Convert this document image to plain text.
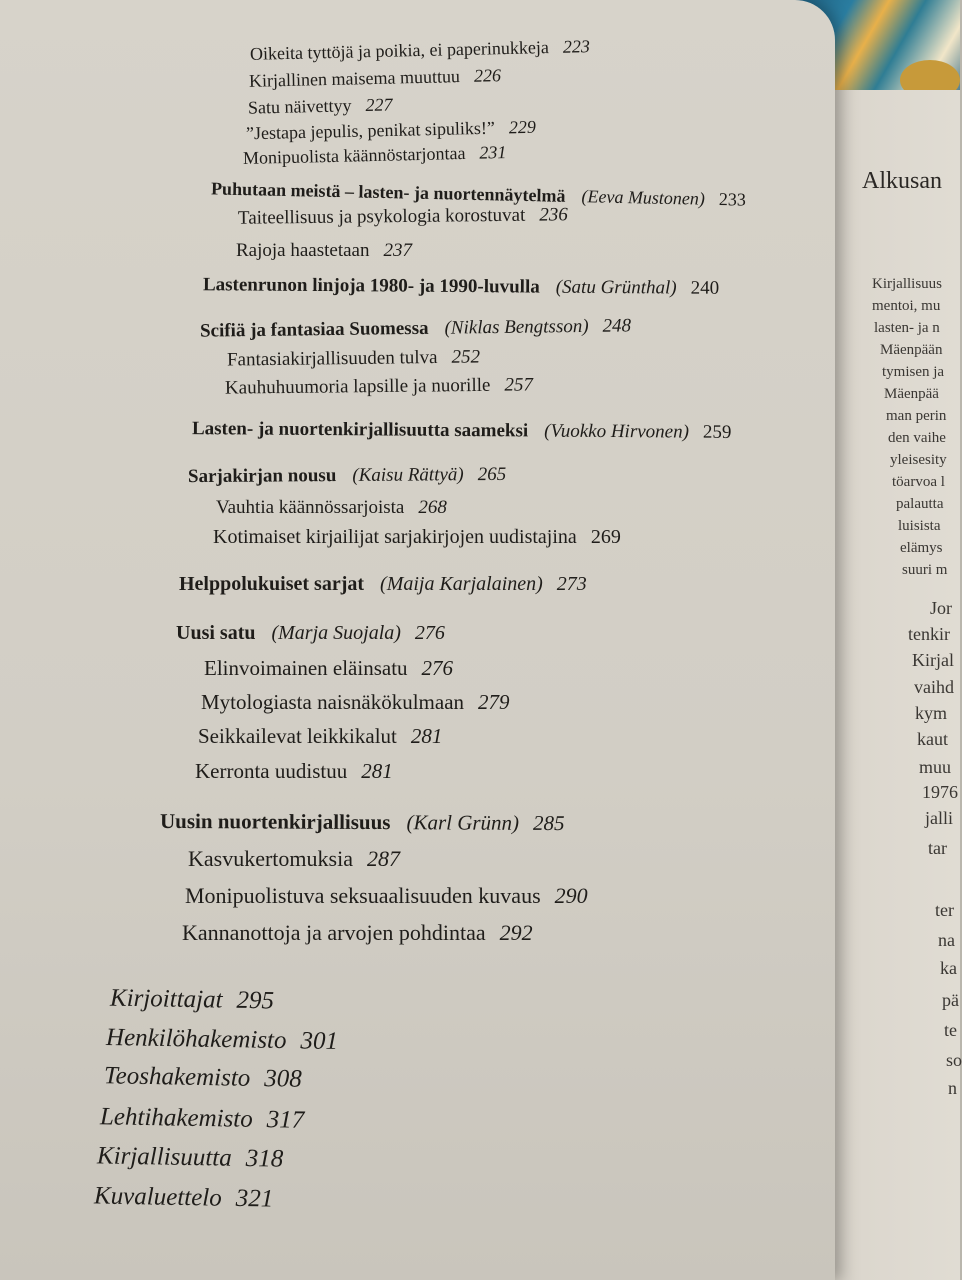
Alkusan
Kirjallisuus
mentoi, mu
lasten- ja n
Mäenpään
tymisen ja
Mäenpää
man perin
den vaihe
yleisesity
töarvoa l
palautta
luisista
elämys
suuri m
Jor
tenkir
Kirjal
vaihd
kym
kaut
muu
1976
jalli
tar
ter
na
ka
pä
te
so
n
Oikeita tyttöjä ja poikia, ei paperinukkeja 223
Kirjallinen maisema muuttuu 226
Satu näivettyy 227
”Jestapa jepulis, penikat sipuliks!” 229
Monipuolista käännöstarjontaa 231
Puhutaan meistä – lasten- ja nuortennäytelmä (Eeva Mustonen) 233
Taiteellisuus ja psykologia korostuvat 236
Rajoja haastetaan 237
Lastenrunon linjoja 1980- ja 1990-luvulla (Satu Grünthal) 240
Scifiä ja fantasiaa Suomessa (Niklas Bengtsson) 248
Fantasiakirjallisuuden tulva 252
Kauhuhuumoria lapsille ja nuorille 257
Lasten- ja nuortenkirjallisuutta saameksi (Vuokko Hirvonen) 259
Sarjakirjan nousu (Kaisu Rättyä) 265
Vauhtia käännössarjoista 268
Kotimaiset kirjailijat sarjakirjojen uudistajina 269
Helppolukuiset sarjat (Maija Karjalainen) 273
Uusi satu (Marja Suojala) 276
Elinvoimainen eläinsatu 276
Mytologiasta naisnäkökulmaan 279
Seikkailevat leikkikalut 281
Kerronta uudistuu 281
Uusin nuortenkirjallisuus (Karl Grünn) 285
Kasvukertomuksia 287
Monipuolistuva seksuaalisuuden kuvaus 290
Kannanottoja ja arvojen pohdintaa 292
Kirjoittajat 295
Henkilöhakemisto 301
Teoshakemisto 308
Lehtihakemisto 317
Kirjallisuutta 318
Kuvaluettelo 321
